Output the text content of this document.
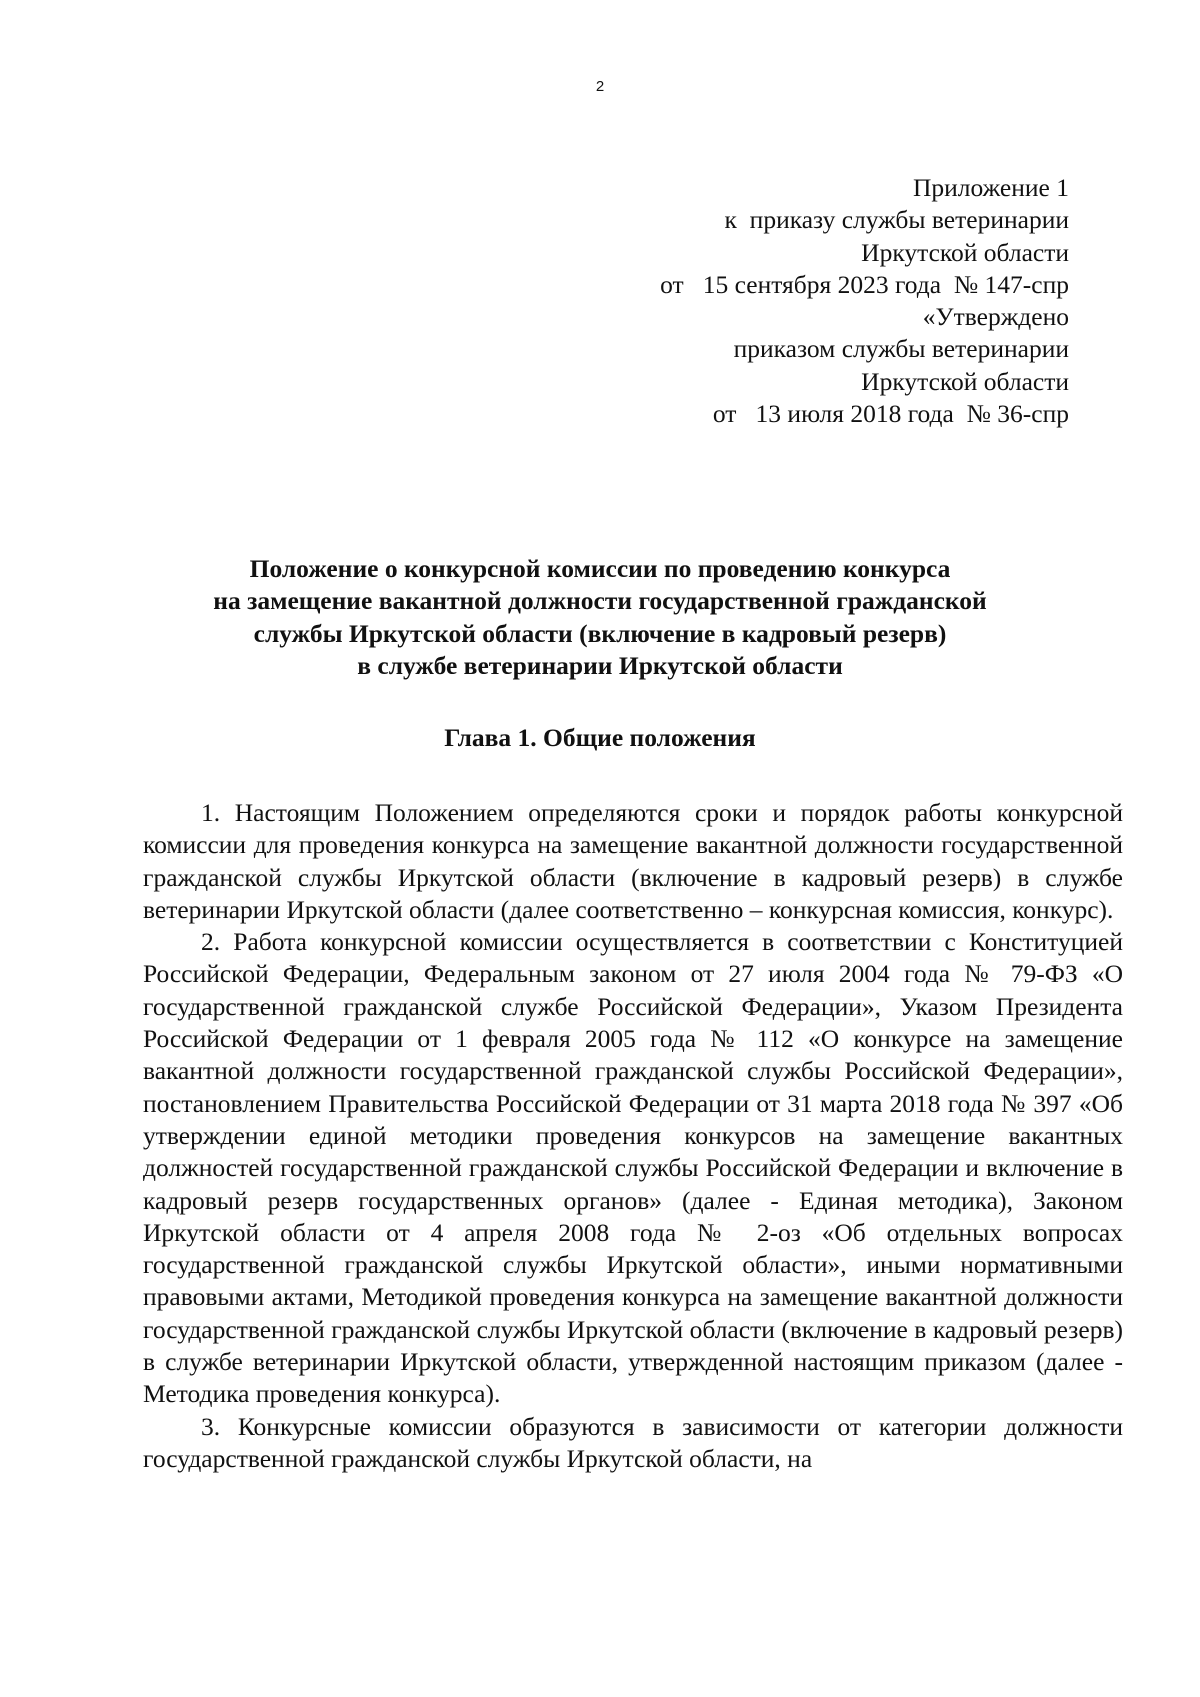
2
Приложение 1
к  приказу службы ветеринарии
Иркутской области
от   15 сентября 2023 года  № 147-спр
«Утверждено
приказом службы ветеринарии
Иркутской области
от   13 июля 2018 года  № 36-спр
Положение о конкурсной комиссии по проведению конкурса
на замещение вакантной должности государственной гражданской
службы Иркутской области (включение в кадровый резерв)
в службе ветеринарии Иркутской области
Глава 1. Общие положения

1. Настоящим Положением определяются сроки и порядок работы конкурсной комиссии для проведения конкурса на замещение вакантной должности государственной гражданской службы Иркутской области (включение в кадровый резерв) в службе ветеринарии Иркутской области (далее соответственно – конкурсная комиссия, конкурс).

2. Работа конкурсной комиссии осуществляется в соответствии с Конституцией Российской Федерации, Федеральным законом от 27 июля 2004 года № 79-ФЗ «О государственной гражданской службе Российской Федерации», Указом Президента Российской Федерации от 1 февраля 2005 года № 112 «О конкурсе на замещение вакантной должности государственной гражданской службы Российской Федерации», постановлением Правительства Российской Федерации от 31 марта 2018 года № 397 «Об утверждении единой методики проведения конкурсов на замещение вакантных должностей государственной гражданской службы Российской Федерации и включение в кадровый резерв государственных органов» (далее - Единая методика), Законом Иркутской области от 4 апреля 2008 года № 2-оз «Об отдельных вопросах государственной гражданской службы Иркутской области», иными нормативными правовыми актами, Методикой проведения конкурса на замещение вакантной должности государственной гражданской службы Иркутской области (включение в кадровый резерв) в службе ветеринарии Иркутской области, утвержденной настоящим приказом (далее - Методика проведения конкурса).

3. Конкурсные комиссии образуются в зависимости от категории должности государственной гражданской службы Иркутской области, на
